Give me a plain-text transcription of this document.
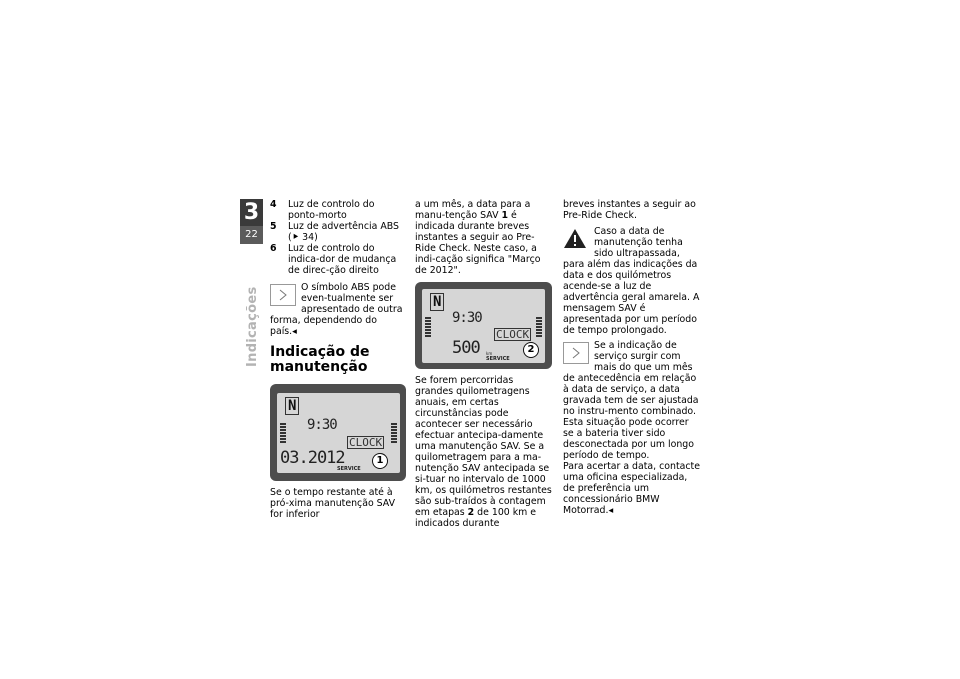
3
22
Indicações
4	Luz de controlo do ponto-morto
5	Luz de advertência ABS (⯈ 34)
6	Luz de controlo do indica-dor de mudança de direc-ção direito

O símbolo ABS pode even-tualmente ser apresentado de outra forma, dependendo do país.◂

Indicação de manutenção
N
9:30
CLOCK
03.2012
SERVICE
1

Se o tempo restante até à pró-xima manutenção SAV for inferior

a um mês, a data para a manu-tenção SAV 1 é indicada durante breves instantes a seguir ao Pre-Ride Check. Neste caso, a indi-cação significa "Março de 2012".

N
9:30
CLOCK
500 km
SERVICE
2

Se forem percorridas grandes quilometragens anuais, em certas circunstâncias pode acontecer ser necessário efectuar antecipa-damente uma manutenção SAV. Se a quilometragem para a ma-nutenção SAV antecipada se si-tuar no intervalo de 1000 km, os quilómetros restantes são sub-traídos à contagem em etapas 2 de 100 km e indicados durante

breves instantes a seguir ao Pre-Ride Check.

Caso a data de manutenção tenha sido ultrapassada, para além das indicações da data e dos quilómetros acende-se a luz de advertência geral amarela. A mensagem SAV é apresentada por um período de tempo prolongado.

Se a indicação de serviço surgir com mais do que um mês de antecedência em relação à data de serviço, a data gravada tem de ser ajustada no instru-mento combinado. Esta situação pode ocorrer se a bateria tiver sido desconectada por um longo período de tempo.

Para acertar a data, contacte uma oficina especializada, de preferência um concessionário BMW Motorrad.◂
